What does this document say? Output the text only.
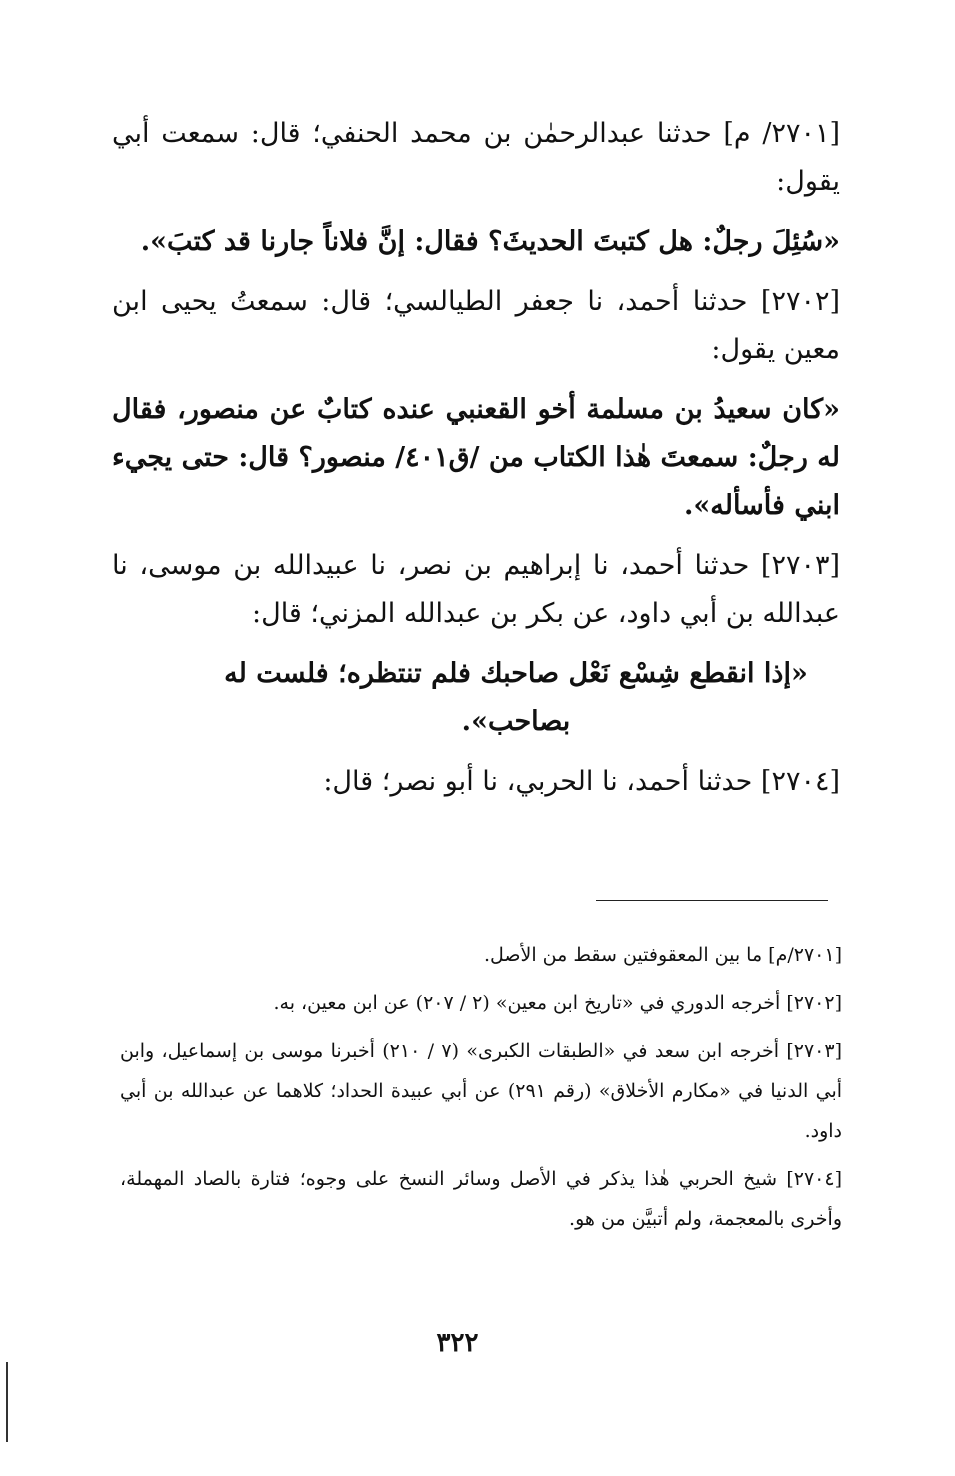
[٢٧٠١/ م] حدثنا عبدالرحمٰن بن محمد الحنفي؛ قال: سمعت أبي يقول:

«سُئِلَ رجلٌ: هل كتبتَ الحديثَ؟ فقال: إنَّ فلاناً جارنا قد كتبَ».

[٢٧٠٢] حدثنا أحمد، نا جعفر الطيالسي؛ قال: سمعتُ يحيى ابن معين يقول:

«كان سعيدُ بن مسلمة أخو القعنبي عنده كتابٌ عن منصور، فقال له رجلٌ: سمعتَ هٰذا الكتاب من /ق٤٠١/ منصور؟ قال: حتى يجيء ابني فأسأله».

[٢٧٠٣] حدثنا أحمد، نا إبراهيم بن نصر، نا عبيدالله بن موسى، نا عبدالله بن أبي داود، عن بكر بن عبدالله المزني؛ قال:

«إذا انقطع شِسْع نَعْل صاحبك فلم تنتظره؛ فلست له بصاحب».

[٢٧٠٤] حدثنا أحمد، نا الحربي، نا أبو نصر؛ قال:

[٢٧٠١/م] ما بين المعقوفتين سقط من الأصل.

[٢٧٠٢] أخرجه الدوري في «تاريخ ابن معين» (٢ / ٢٠٧) عن ابن معين، به.

[٢٧٠٣] أخرجه ابن سعد في «الطبقات الكبرى» (٧ / ٢١٠) أخبرنا موسى بن إسماعيل، وابن أبي الدنيا في «مكارم الأخلاق» (رقم ٢٩١) عن أبي عبيدة الحداد؛ كلاهما عن عبدالله بن أبي داود.

[٢٧٠٤] شيخ الحربي هٰذا يذكر في الأصل وسائر النسخ على وجوه؛ فتارة بالصاد المهملة، وأخرى بالمعجمة، ولم أتبيَّن من هو.

٣٢٢
